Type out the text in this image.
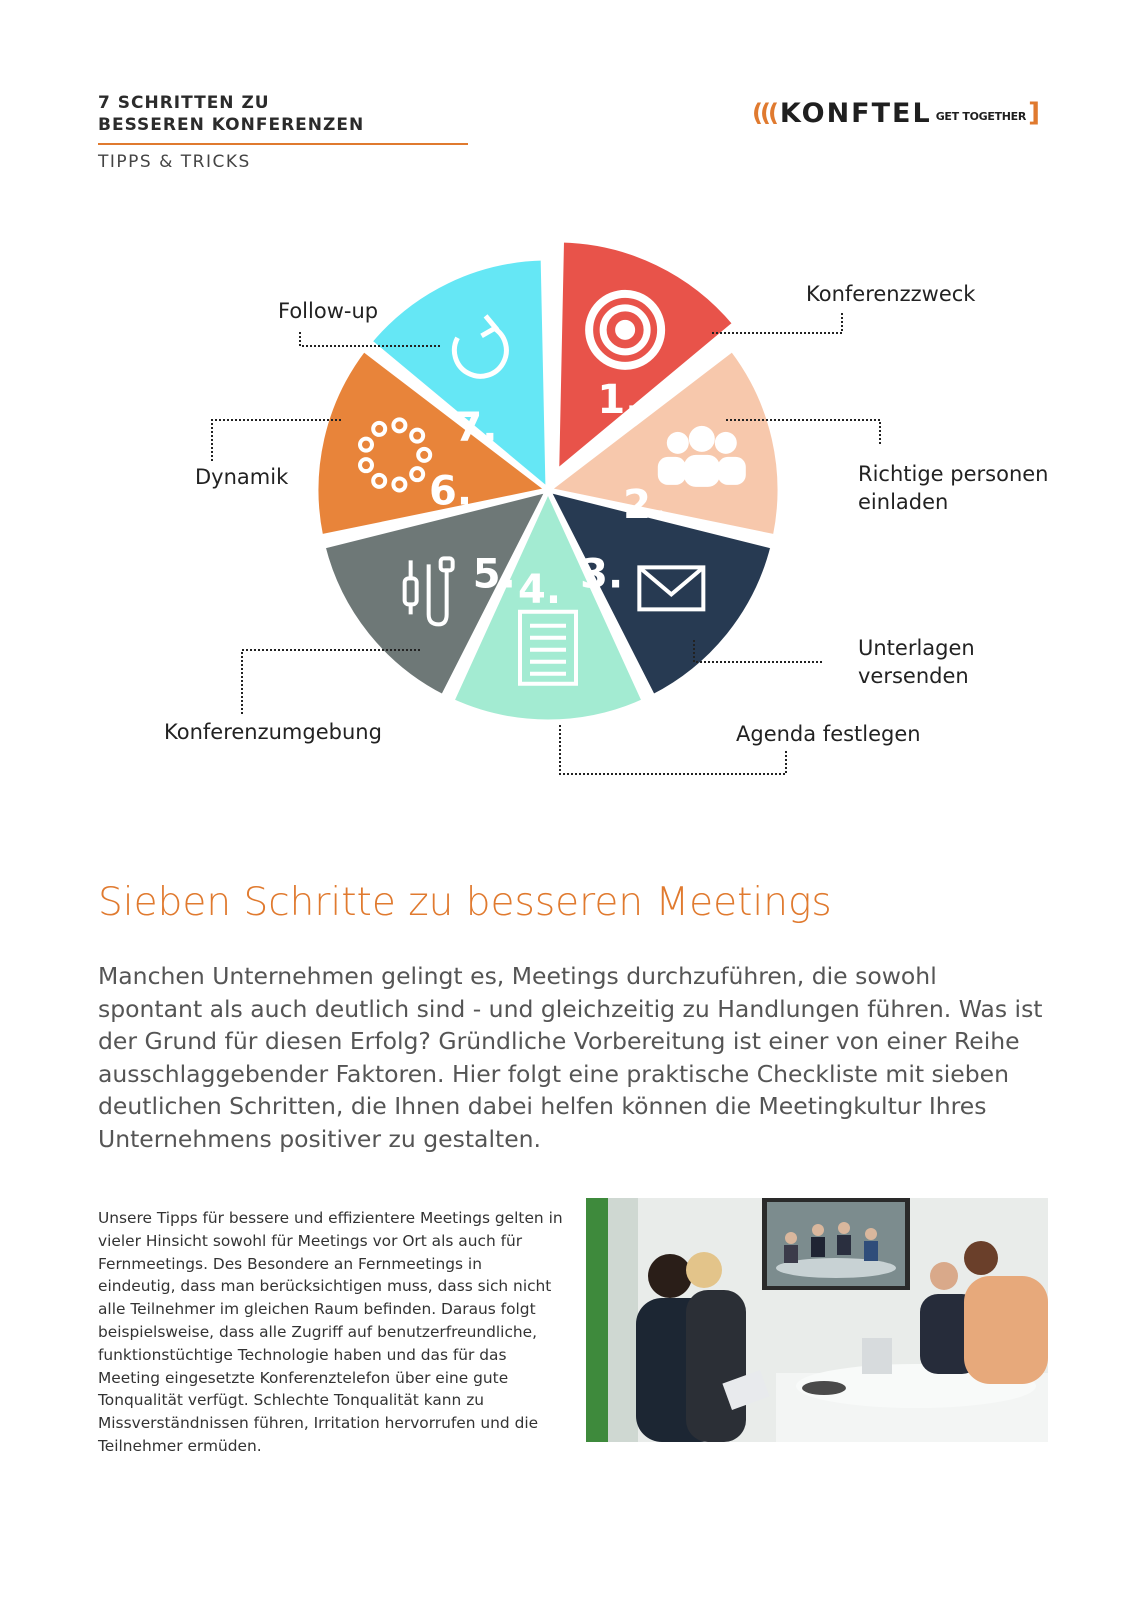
7 SCHRITTEN ZU
BESSEREN KONFERENZEN
TIPPS & TRICKS
((( KONFTEL GET TOGETHER ]
1.
2.
3.
4.
5.
6.
7.
Konferenzzweck
Richtige personen
einladen
Unterlagen
versenden
Agenda festlegen
Konferenzumgebung
Dynamik
Follow-up
Sieben Schritte zu besseren Meetings
Manchen Unternehmen gelingt es, Meetings durchzuführen, die sowohl spontant als auch deutlich sind - und gleichzeitig zu Handlungen führen. Was ist der Grund für diesen Erfolg? Gründliche Vorbereitung ist einer von einer Reihe ausschlaggebender Faktoren. Hier folgt eine praktische Checkliste mit sieben deutlichen Schritten, die Ihnen dabei helfen können die Meetingkultur Ihres Unternehmens positiver zu gestalten.
Unsere Tipps für bessere und effizientere Meetings gelten in vieler Hinsicht sowohl für Meetings vor Ort als auch für Fernmeetings. Des Besondere an Fernmeetings in eindeutig, dass man berücksichtigen muss, dass sich nicht alle Teilnehmer im gleichen Raum befinden. Daraus folgt beispielsweise, dass alle Zugriff auf benutzerfreundliche, funktionstüchtige Technologie haben und das für das Meeting eingesetzte Konferenztelefon über eine gute Tonqualität verfügt. Schlechte Tonqualität kann zu Missverständnissen führen, Irritation hervorrufen und die Teilnehmer ermüden.
